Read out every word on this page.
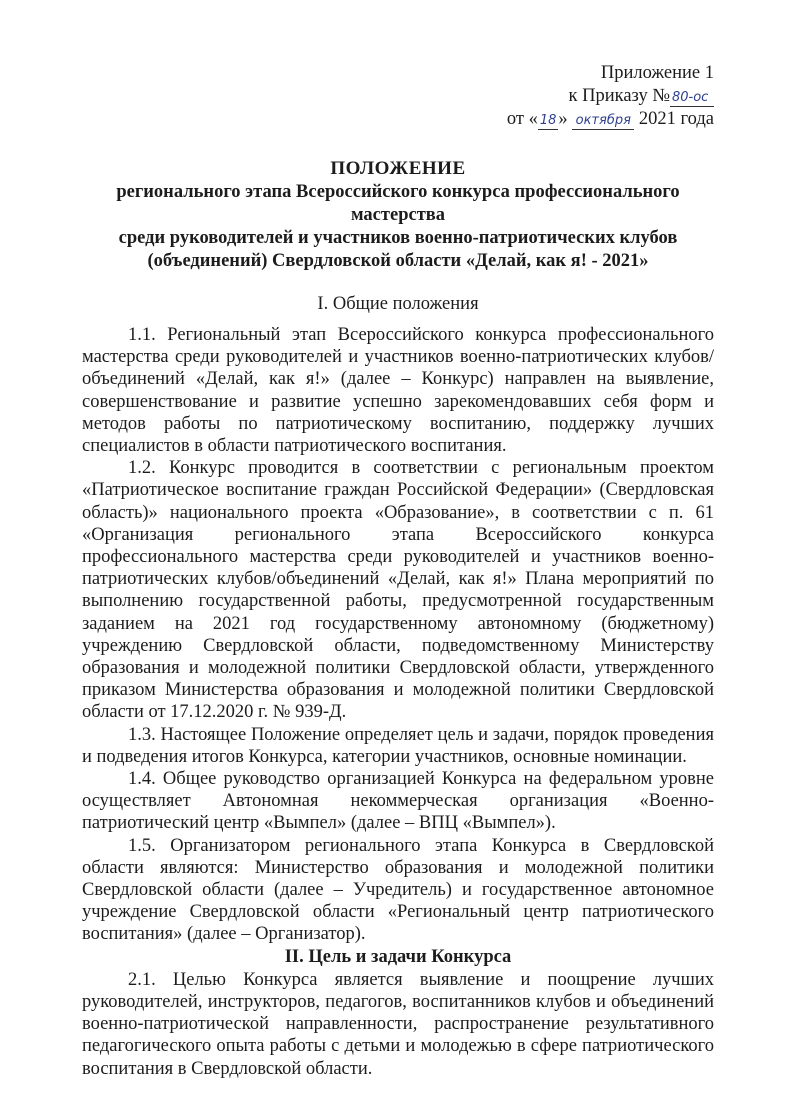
Приложение 1
к Приказу № 80-ос
от « 18 » октября 2021 года
ПОЛОЖЕНИЕ
регионального этапа Всероссийского конкурса профессионального мастерства
среди руководителей и участников военно-патриотических клубов
(объединений) Свердловской области «Делай, как я! - 2021»
I. Общие положения

1.1. Региональный этап Всероссийского конкурса профессионального мастерства среди руководителей и участников военно-патриотических клубов/объединений «Делай, как я!» (далее – Конкурс) направлен на выявление, совершенствование и развитие успешно зарекомендовавших себя форм и методов работы по патриотическому воспитанию, поддержку лучших специалистов в области патриотического воспитания.

1.2. Конкурс проводится в соответствии с региональным проектом «Патриотическое воспитание граждан Российской Федерации» (Свердловская область)» национального проекта «Образование», в соответствии с п. 61 «Организация регионального этапа Всероссийского конкурса профессионального мастерства среди руководителей и участников военно-патриотических клубов/объединений «Делай, как я!» Плана мероприятий по выполнению государственной работы, предусмотренной государственным заданием на 2021 год государственному автономному (бюджетному) учреждению Свердловской области, подведомственному Министерству образования и молодежной политики Свердловской области, утвержденного приказом Министерства образования и молодежной политики Свердловской области от 17.12.2020 г. № 939-Д.

1.3. Настоящее Положение определяет цель и задачи, порядок проведения и подведения итогов Конкурса, категории участников, основные номинации.

1.4. Общее руководство организацией Конкурса на федеральном уровне осуществляет Автономная некоммерческая организация «Военно-патриотический центр «Вымпел» (далее – ВПЦ «Вымпел»).

1.5. Организатором регионального этапа Конкурса в Свердловской области являются: Министерство образования и молодежной политики Свердловской области (далее – Учредитель) и государственное автономное учреждение Свердловской области «Региональный центр патриотического воспитания» (далее – Организатор).

II. Цель и задачи Конкурса

2.1. Целью Конкурса является выявление и поощрение лучших руководителей, инструкторов, педагогов, воспитанников клубов и объединений военно-патриотической направленности, распространение результативного педагогического опыта работы с детьми и молодежью в сфере патриотического воспитания в Свердловской области.
